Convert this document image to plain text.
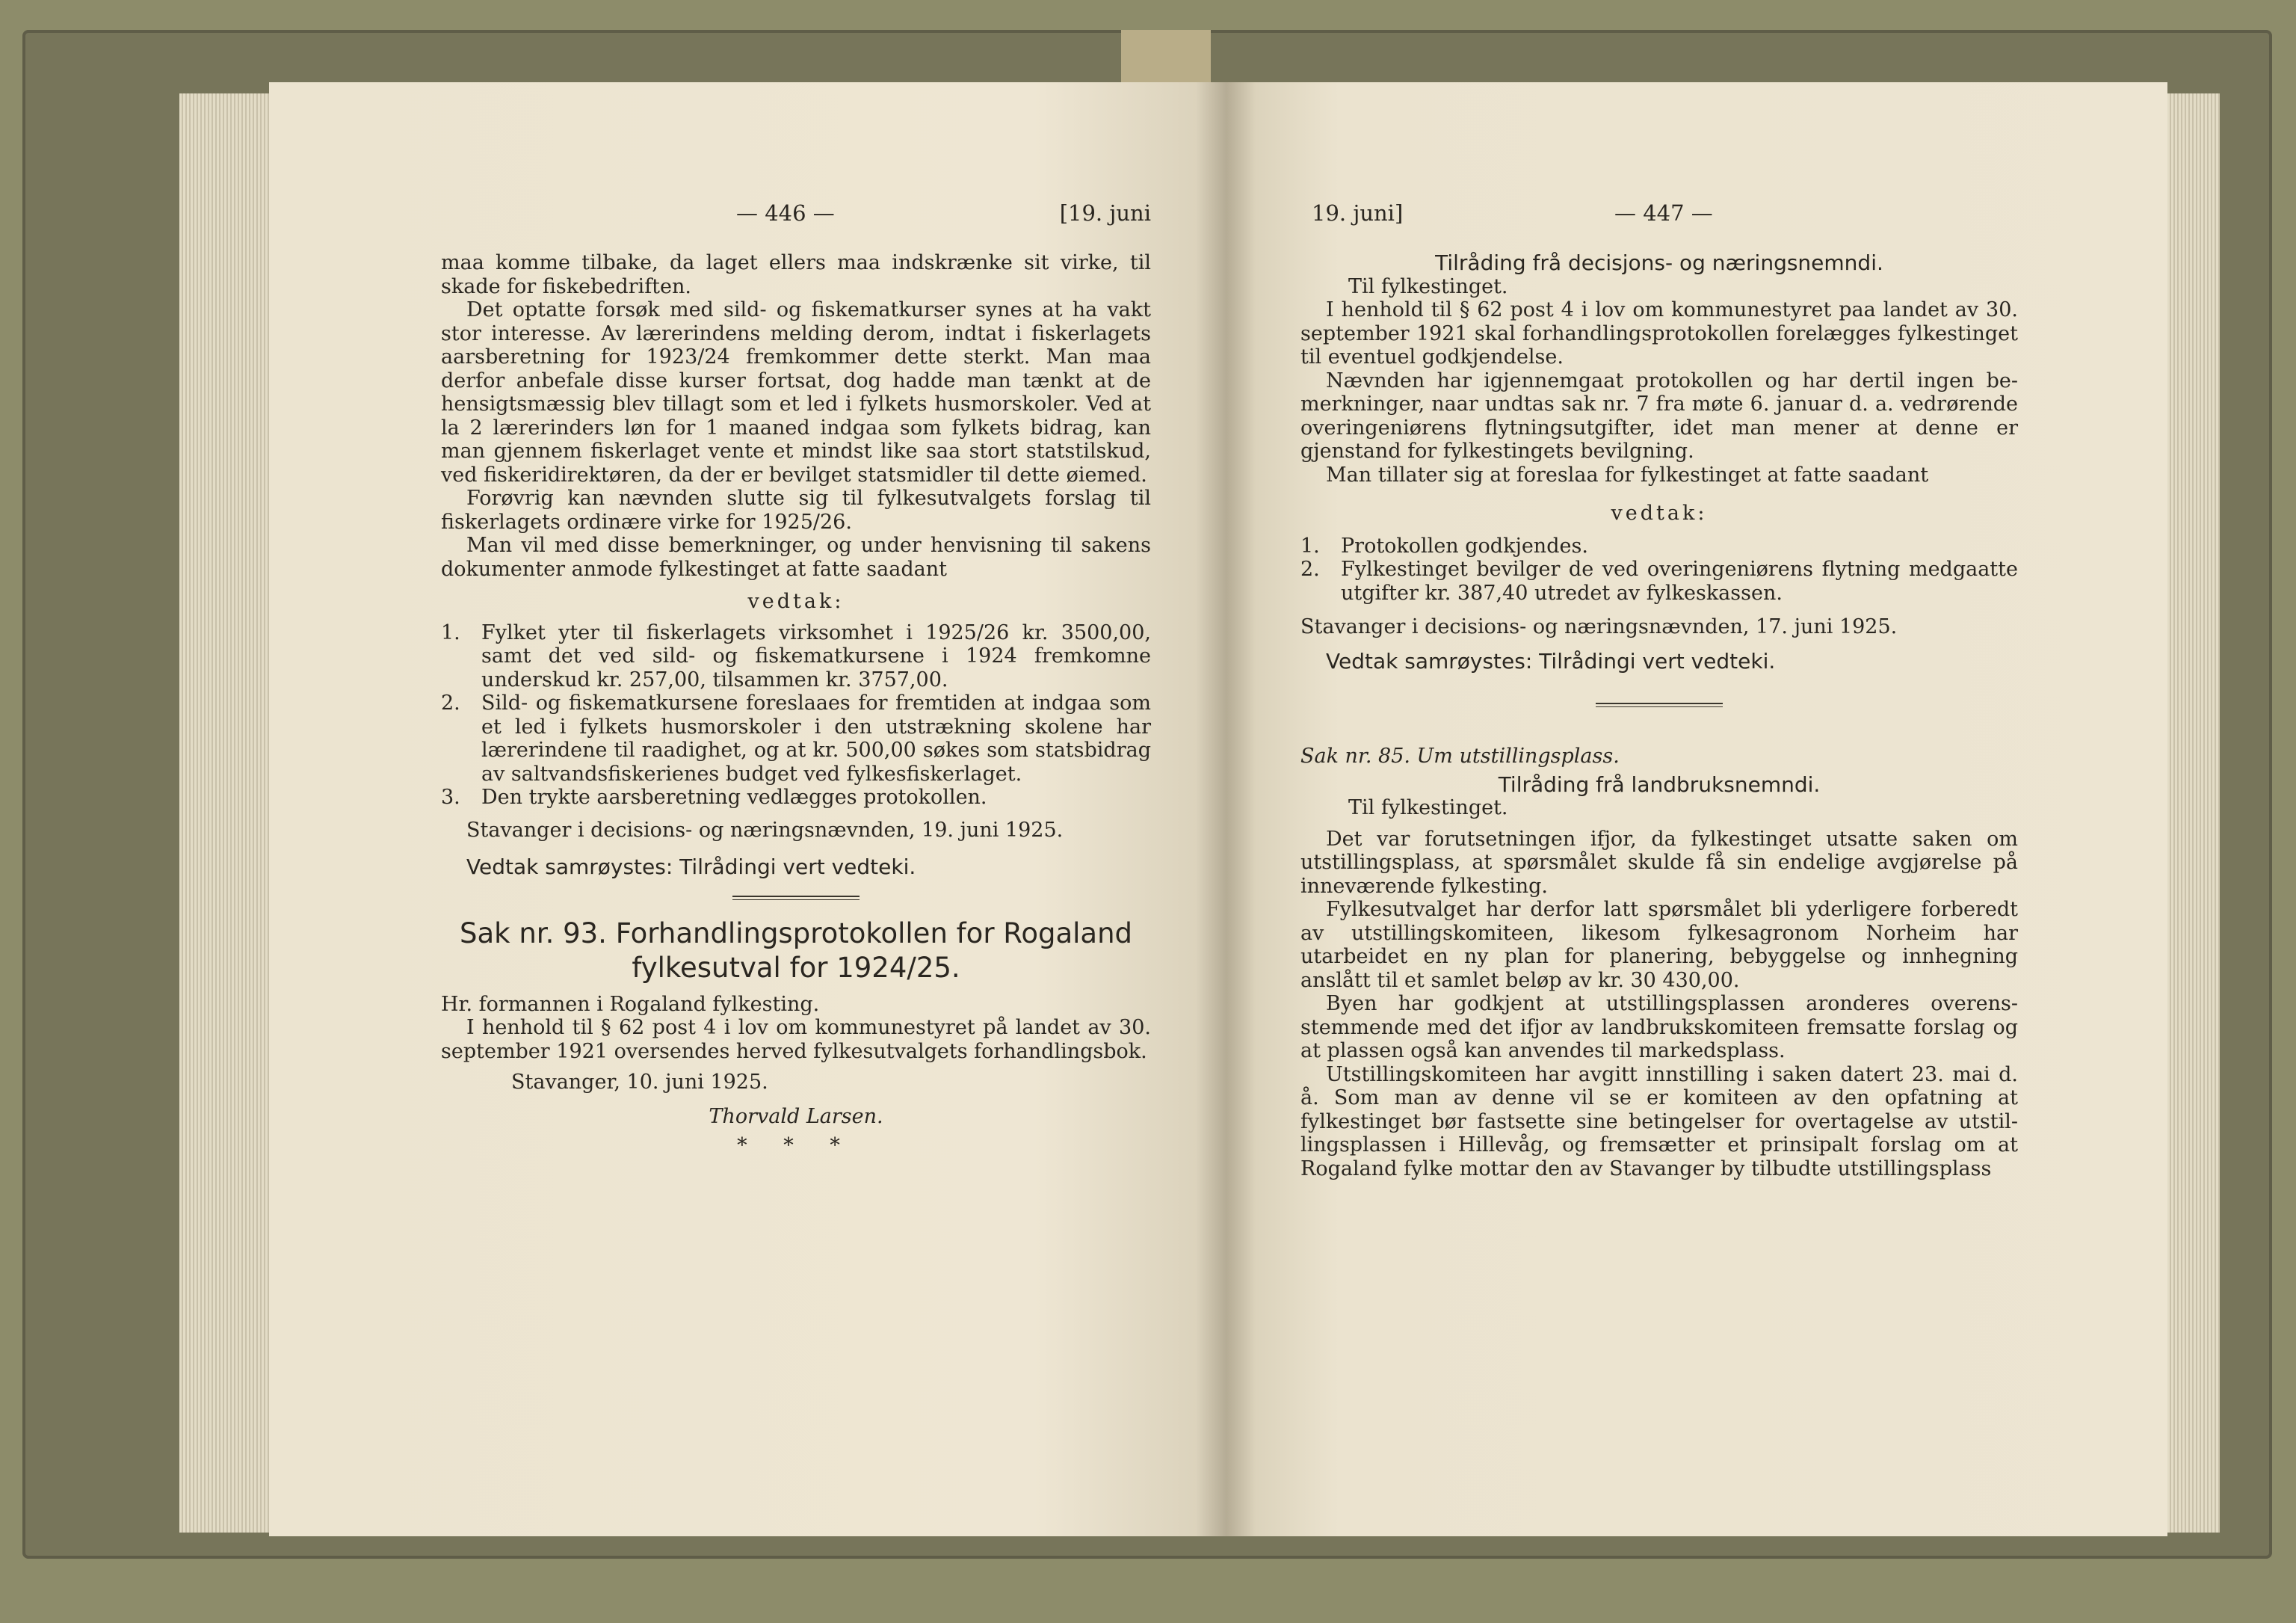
— 446 —	[19. juni

maa komme tilbake, da laget ellers maa indskrænke sit virke, til skade for fiskebedriften.

Det optatte forsøk med sild- og fiskematkurser synes at ha vakt stor interesse. Av lærerindens melding derom, indtat i fiskerlagets aarsberetning for 1923/24 fremkommer dette sterkt. Man maa derfor anbefale disse kurser fortsat, dog hadde man tænkt at de hensigtsmæssig blev tillagt som et led i fylkets husmorskoler. Ved at la 2 lærerinders løn for 1 maaned indgaa som fylkets bidrag, kan man gjennem fiskerlaget vente et mindst like saa stort statstilskud, ved fiskeridirektøren, da der er bevilget statsmidler til dette øiemed.

Forøvrig kan nævnden slutte sig til fylkesutvalgets forslag til fiskerlagets ordinære virke for 1925/26.

Man vil med disse bemerkninger, og under henvisning til sakens dokumenter anmode fylkestinget at fatte saadant

vedtak:
1.	Fylket yter til fiskerlagets virksomhet i 1925/26 kr. 3500,00, samt det ved sild- og fiskematkursene i 1924 fremkomne underskud kr. 257,00, tilsammen kr. 3757,00.
2.	Sild- og fiskematkursene foreslaaes for fremtiden at indgaa som et led i fylkets husmorskoler i den utstrækning skolene har lærerindene til raadighet, og at kr. 500,00 søkes som statsbidrag av saltvandsfiskerienes budget ved fylkesfiskerlaget.
3.	Den trykte aarsberetning vedlægges protokollen.

Stavanger i decisions- og næringsnævnden, 19. juni 1925.

Vedtak samrøystes: Tilrådingi vert vedteki.

Sak nr. 93. Forhandlingsprotokollen for Rogaland fylkesutval for 1924/25.

Hr. formannen i Rogaland fylkesting.

I henhold til § 62 post 4 i lov om kommunestyret på landet av 30. september 1921 oversendes herved fylkesutvalgets forhandlingsbok.

Stavanger, 10. juni 1925.

Thorvald Larsen.
* * *
19. juni]	— 447 —
Tilråding frå decisjons- og næringsnemndi.

Til fylkestinget.

I henhold til § 62 post 4 i lov om kommunestyret paa landet av 30. september 1921 skal forhandlingsprotokollen forelægges fylkestinget til eventuel godkjendelse.

Nævnden har igjennemgaat protokollen og har dertil ingen bemerkninger, naar undtas sak nr. 7 fra møte 6. januar d. a. vedrørende overingeniørens flytningsutgifter, idet man mener at denne er gjenstand for fylkestingets bevilgning.

Man tillater sig at foreslaa for fylkestinget at fatte saadant

vedtak:
1.	Protokollen godkjendes.
2.	Fylkestinget bevilger de ved overingeniørens flytning medgaatte utgifter kr. 387,40 utredet av fylkeskassen.

Stavanger i decisions- og næringsnævnden, 17. juni 1925.

Vedtak samrøystes: Tilrådingi vert vedteki.

Sak nr. 85. Um utstillingsplass.

Tilråding frå landbruksnemndi.

Til fylkestinget.

Det var forutsetningen ifjor, da fylkestinget utsatte saken om utstillingsplass, at spørsmålet skulde få sin endelige avgjørelse på inneværende fylkesting.

Fylkesutvalget har derfor latt spørsmålet bli yderligere forberedt av utstillingskomiteen, likesom fylkesagronom Norheim har utarbeidet en ny plan for planering, bebyggelse og innhegning anslått til et samlet beløp av kr. 30 430,00.

Byen har godkjent at utstillingsplassen aronderes overensstemmende med det ifjor av landbrukskomiteen fremsatte forslag og at plassen også kan anvendes til markedsplass.

Utstillingskomiteen har avgitt innstilling i saken datert 23. mai d. å. Som man av denne vil se er komiteen av den opfatning at fylkestinget bør fastsette sine betingelser for overtagelse av utstillingsplassen i Hillevåg, og fremsætter et prinsipalt forslag om at Rogaland fylke mottar den av Stavanger by tilbudte utstillingsplass
